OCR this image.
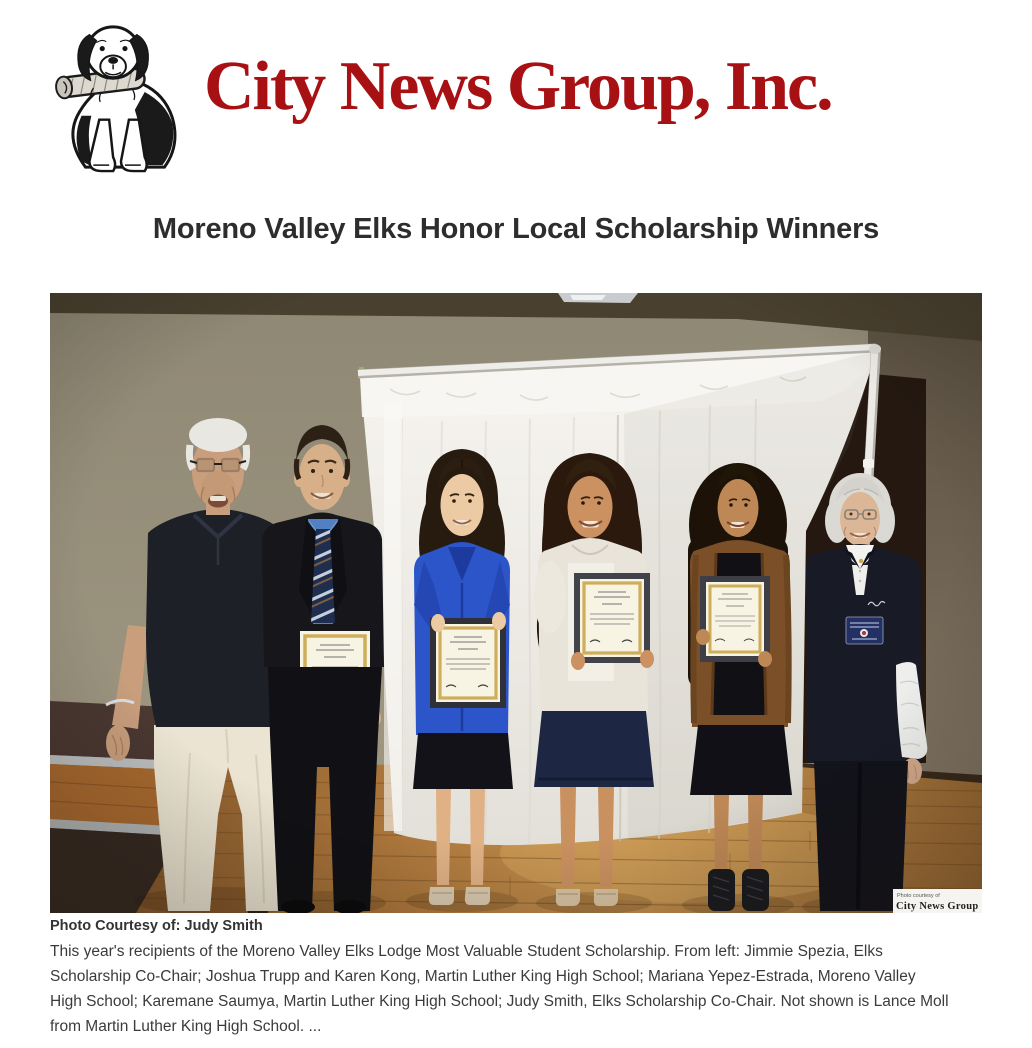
City News Group, Inc.
Moreno Valley Elks Honor Local Scholarship Winners
Photo courtesy of
City News Group

Photo Courtesy of: Judy Smith

This year's recipients of the Moreno Valley Elks Lodge Most Valuable Student Scholarship. From left: Jimmie Spezia, Elks
Scholarship Co-Chair; Joshua Trupp and Karen Kong, Martin Luther King High School; Mariana Yepez-Estrada, Moreno Valley
High School; Karemane Saumya, Martin Luther King High School; Judy Smith, Elks Scholarship Co-Chair. Not shown is Lance Moll
from Martin Luther King High School. ...
